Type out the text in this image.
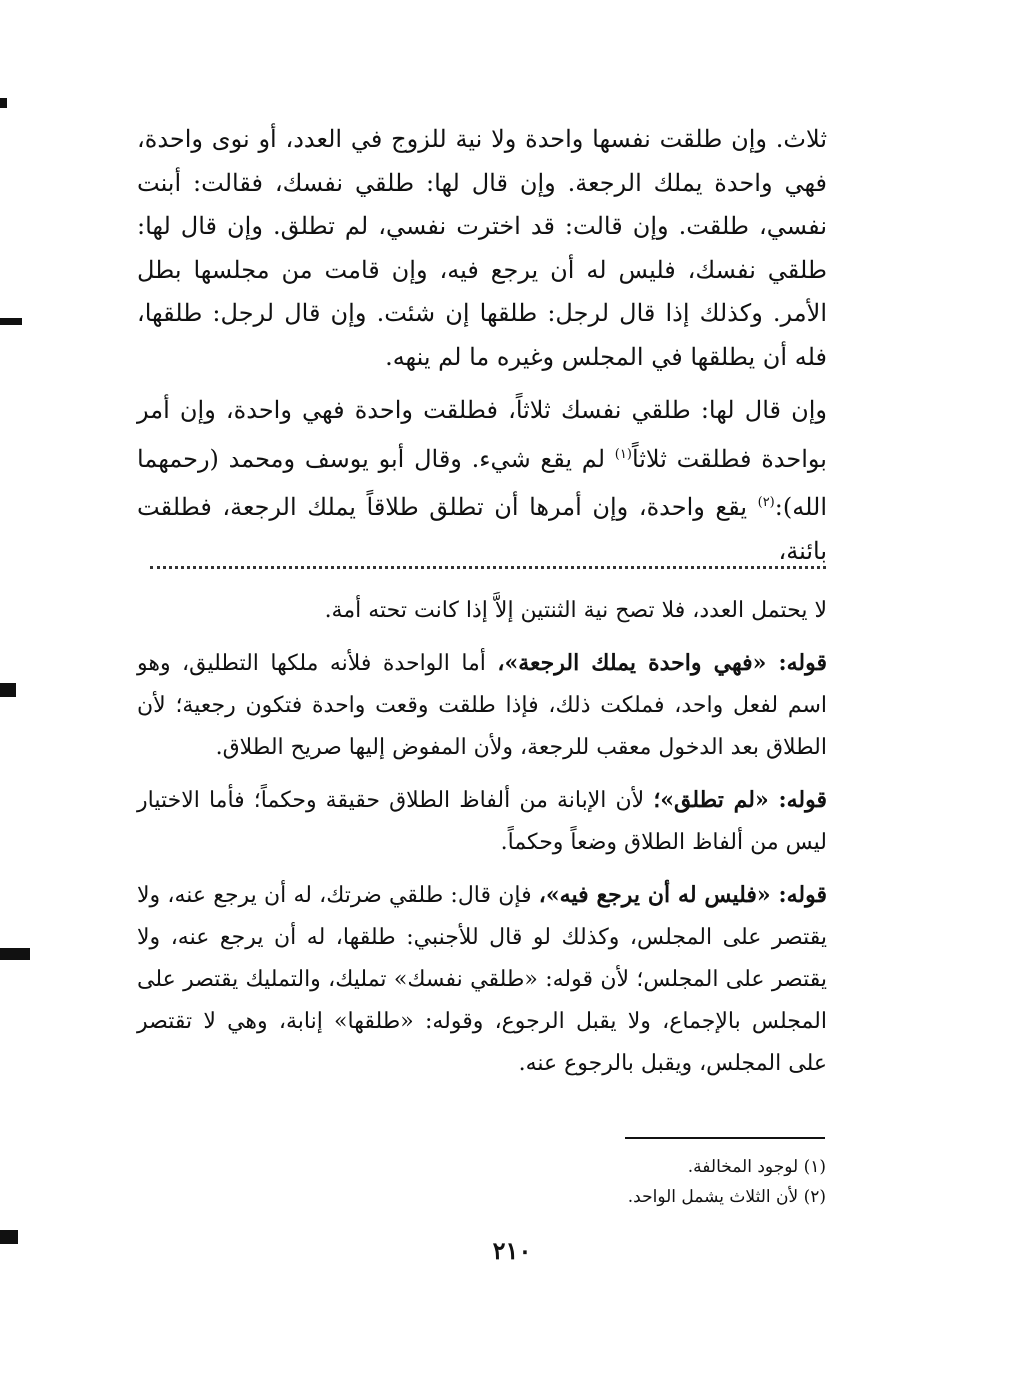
ثلاث. وإن طلقت نفسها واحدة ولا نية للزوج في العدد، أو نوى واحدة، فهي واحدة يملك الرجعة. وإن قال لها: طلقي نفسك، فقالت: أبنت نفسي، طلقت. وإن قالت: قد اخترت نفسي، لم تطلق. وإن قال لها: طلقي نفسك، فليس له أن يرجع فيه، وإن قامت من مجلسها بطل الأمر. وكذلك إذا قال لرجل: طلقها إن شئت. وإن قال لرجل: طلقها، فله أن يطلقها في المجلس وغيره ما لم ينهه.

وإن قال لها: طلقي نفسك ثلاثاً، فطلقت واحدة فهي واحدة، وإن أمر بواحدة فطلقت ثلاثاً$^{(١)}$ لم يقع شيء. وقال أبو يوسف ومحمد (رحمهما الله):$^{(٢)}$ يقع واحدة، وإن أمرها أن تطلق طلاقاً يملك الرجعة، فطلقت بائنة،

لا يحتمل العدد، فلا تصح نية الثنتين إلاَّ إذا كانت تحته أمة.

قوله: «فهي واحدة يملك الرجعة»، أما الواحدة فلأنه ملكها التطليق، وهو اسم لفعل واحد، فملكت ذلك، فإذا طلقت وقعت واحدة فتكون رجعية؛ لأن الطلاق بعد الدخول معقب للرجعة، ولأن المفوض إليها صريح الطلاق.

قوله: «لم تطلق»؛ لأن الإبانة من ألفاظ الطلاق حقيقة وحكماً؛ فأما الاختيار ليس من ألفاظ الطلاق وضعاً وحكماً.

قوله: «فليس له أن يرجع فيه»، فإن قال: طلقي ضرتك، له أن يرجع عنه، ولا يقتصر على المجلس، وكذلك لو قال للأجنبي: طلقها، له أن يرجع عنه، ولا يقتصر على المجلس؛ لأن قوله: «طلقي نفسك» تمليك، والتمليك يقتصر على المجلس بالإجماع، ولا يقبل الرجوع، وقوله: «طلقها» إنابة، وهي لا تقتصر على المجلس، ويقبل بالرجوع عنه.

(١) لوجود المخالفة.
(٢) لأن الثلاث يشمل الواحد.
٢١٠
